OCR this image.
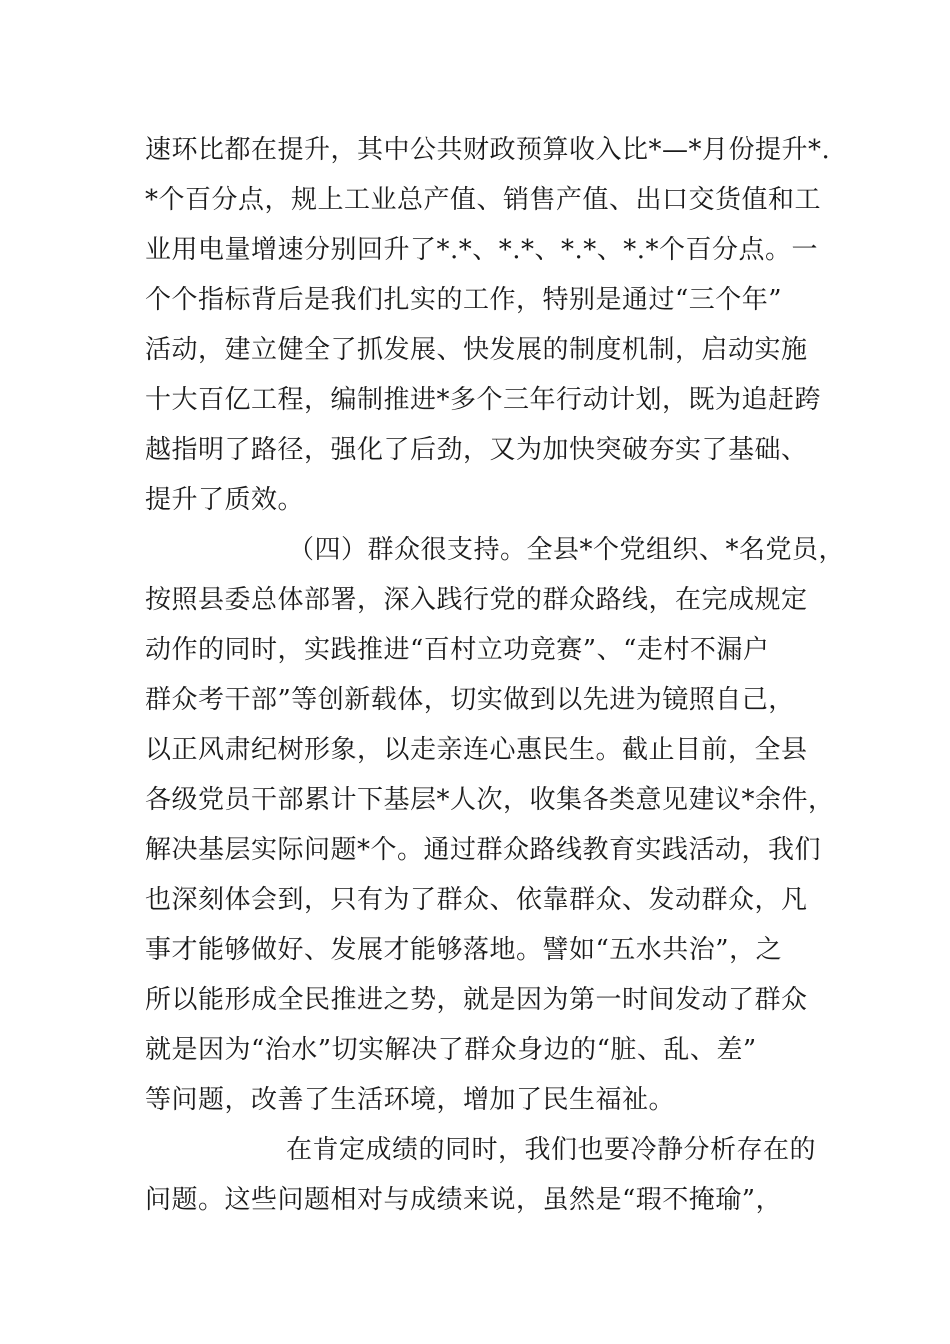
速环比都在提升，其中公共财政预算收入比*—*月份提升*.
*个百分点，规上工业总产值、销售产值、出口交货值和工
业用电量增速分别回升了*.*、*.*、*.*、*.*个百分点。一
个个指标背后是我们扎实的工作，特别是通过“三个年”
活动，建立健全了抓发展、快发展的制度机制，启动实施
十大百亿工程，编制推进*多个三年行动计划，既为追赶跨
越指明了路径，强化了后劲，又为加快突破夯实了基础、
提升了质效。
（四）群众很支持。全县*个党组织、*名党员，
按照县委总体部署，深入践行党的群众路线，在完成规定
动作的同时，实践推进“百村立功竞赛”、“走村不漏户
群众考干部”等创新载体，切实做到以先进为镜照自己，
以正风肃纪树形象，以走亲连心惠民生。截止目前，全县
各级党员干部累计下基层*人次，收集各类意见建议*余件，
解决基层实际问题*个。通过群众路线教育实践活动，我们
也深刻体会到，只有为了群众、依靠群众、发动群众，凡
事才能够做好、发展才能够落地。譬如“五水共治”，之
所以能形成全民推进之势，就是因为第一时间发动了群众
就是因为“治水”切实解决了群众身边的“脏、乱、差”
等问题，改善了生活环境，增加了民生福祉。
在肯定成绩的同时，我们也要冷静分析存在的
问题。这些问题相对与成绩来说，虽然是“瑕不掩瑜”，
